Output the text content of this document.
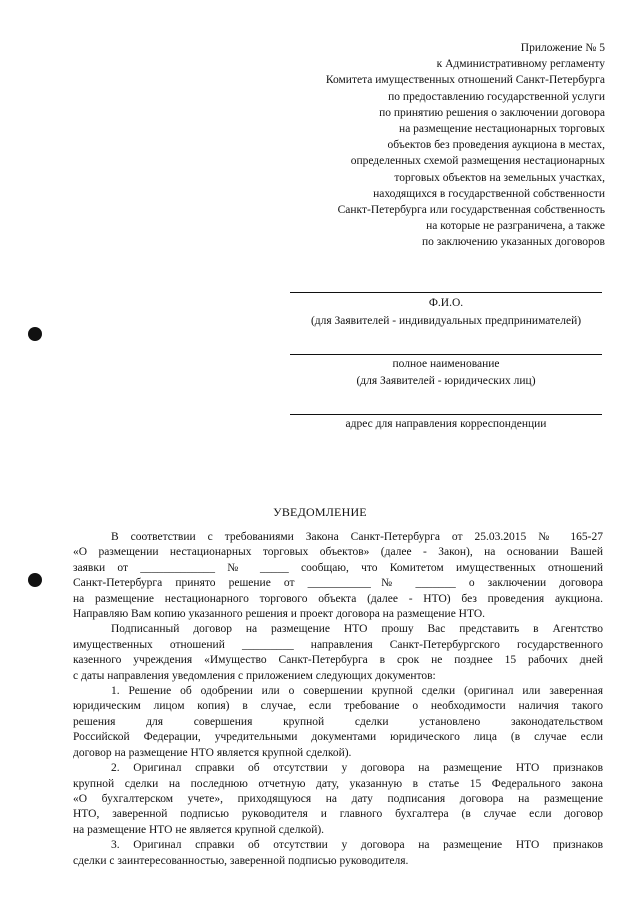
Приложение № 5
к Административному регламенту
Комитета имущественных отношений Санкт-Петербурга
по предоставлению государственной услуги
по принятию решения о заключении договора
на размещение нестационарных торговых
объектов без проведения аукциона в местах,
определенных схемой размещения нестационарных
торговых объектов на земельных участках,
находящихся в государственной собственности
Санкт-Петербурга или государственная собственность
на которые не разграничена, а также
по заключению указанных договоров
Ф.И.О.
(для Заявителей - индивидуальных предпринимателей)
полное наименование
(для Заявителей - юридических лиц)
адрес для направления корреспонденции
УВЕДОМЛЕНИЕ
В соответствии с требованиями Закона Санкт-Петербурга от 25.03.2015 № 165-27
«О размещении нестационарных торговых объектов» (далее - Закон), на основании Вашей
заявки от _____________ № _____ сообщаю, что Комитетом имущественных отношений
Санкт-Петербурга принято решение от ___________№ _______ о заключении договора
на размещение нестационарного торгового объекта (далее - НТО) без проведения аукциона.
Направляю Вам копию указанного решения и проект договора на размещение НТО.
Подписанный договор на размещение НТО прошу Вас представить в Агентство
имущественных отношений _________ направления Санкт-Петербургского государственного
казенного учреждения «Имущество Санкт-Петербурга в срок не позднее 15 рабочих дней
с даты направления уведомления с приложением следующих документов:
1. Решение об одобрении или о совершении крупной сделки (оригинал или заверенная
юридическим лицом копия) в случае, если требование о необходимости наличия такого
решения для совершения крупной сделки установлено законодательством
Российской Федерации, учредительными документами юридического лица (в случае если
договор на размещение НТО является крупной сделкой).
2. Оригинал справки об отсутствии у договора на размещение НТО признаков
крупной сделки на последнюю отчетную дату, указанную в статье 15 Федерального закона
«О бухгалтерском учете», приходящуюся на дату подписания договора на размещение
НТО, заверенной подписью руководителя и главного бухгалтера (в случае если договор
на размещение НТО не является крупной сделкой).
3. Оригинал справки об отсутствии у договора на размещение НТО признаков
сделки с заинтересованностью, заверенной подписью руководителя.
